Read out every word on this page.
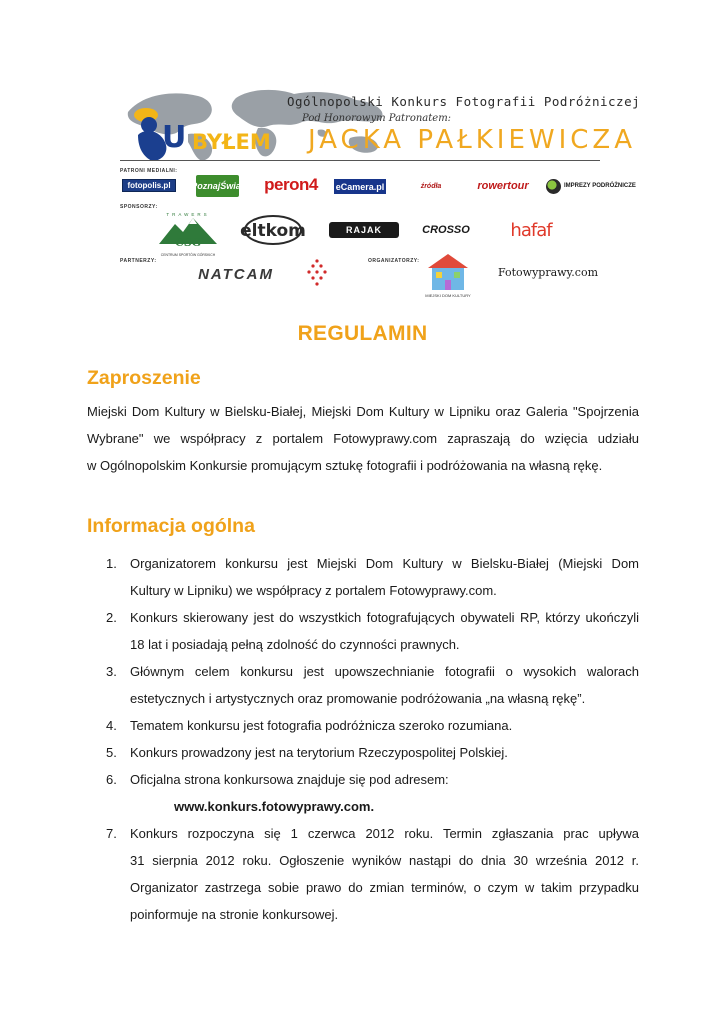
U BYŁEM
Ogólnopolski Konkurs Fotografii Podróżniczej
Pod Honorowym Patronatem:
JACKA PAŁKIEWICZA
PATRONI MEDIALNI:
fotopolis.pl	PoznajŚwiat peron4 eCamera.pl	źródła	rowertour	IMPREZY PODRÓŻNICZE
SPONSORZY:
CSG
CENTRUM SPORTÓW GÓRSKICH
TRAWERS
eltkom	RAJAK	CROSSO	hafaf
PARTNERZY:	ORGANIZATORZY:
NATCAM
MIEJSKI DOM KULTURY
Fotowyprawy.com
REGULAMIN
Zaproszenie
Miejski Dom Kultury w Bielsku-Białej, Miejski Dom Kultury w Lipniku oraz Galeria "Spojrzenia
Wybrane" we współpracy z portalem Fotowyprawy.com zapraszają do wzięcia udziału
w Ogólnopolskim Konkursie promującym sztukę fotografii i podróżowania na własną rękę.
Informacja ogólna
1. Organizatorem konkursu jest Miejski Dom Kultury w Bielsku-Białej (Miejski Dom
Kultury w Lipniku) we współpracy z portalem Fotowyprawy.com.
2. Konkurs skierowany jest do wszystkich fotografujących obywateli RP, którzy ukończyli
18 lat i posiadają pełną zdolność do czynności prawnych.
3. Głównym celem konkursu jest upowszechnianie fotografii o wysokich walorach
estetycznych i artystycznych oraz promowanie podróżowania „na własną rękę”.
4. Tematem konkursu jest fotografia podróżnicza szeroko rozumiana.
5. Konkurs prowadzony jest na terytorium Rzeczypospolitej Polskiej.
6. Oficjalna strona konkursowa znajduje się pod adresem:
www.konkurs.fotowyprawy.com.
7. Konkurs rozpoczyna się 1 czerwca 2012 roku. Termin zgłaszania prac upływa
31 sierpnia 2012 roku. Ogłoszenie wyników nastąpi do dnia 30 września 2012 r.
Organizator zastrzega sobie prawo do zmian terminów, o czym w takim przypadku
poinformuje na stronie konkursowej.
